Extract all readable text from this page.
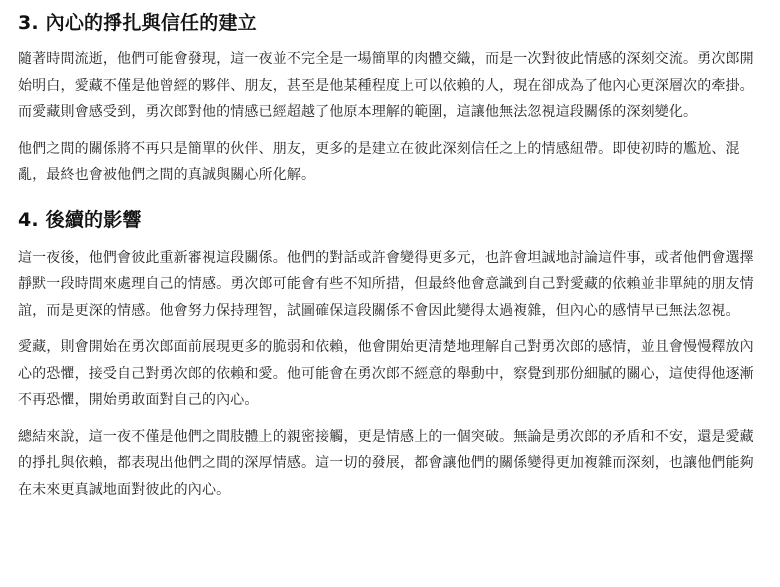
3. 內心的掙扎與信任的建立

隨著時間流逝，他們可能會發現，這一夜並不完全是一場簡單的肉體交織，而是一次對彼此情感的深刻交流。勇次郎開始明白，愛藏不僅是他曾經的夥伴、朋友，甚至是他某種程度上可以依賴的人，現在卻成為了他內心更深層次的牽掛。而愛藏則會感受到，勇次郎對他的情感已經超越了他原本理解的範圍，這讓他無法忽視這段關係的深刻變化。

他們之間的關係將不再只是簡單的伙伴、朋友，更多的是建立在彼此深刻信任之上的情感紐帶。即使初時的尷尬、混亂，最終也會被他們之間的真誠與關心所化解。

4. 後續的影響

這一夜後，他們會彼此重新審視這段關係。他們的對話或許會變得更多元，也許會坦誠地討論這件事，或者他們會選擇靜默一段時間來處理自己的情感。勇次郎可能會有些不知所措，但最終他會意識到自己對愛藏的依賴並非單純的朋友情誼，而是更深的情感。他會努力保持理智，試圖確保這段關係不會因此變得太過複雜，但內心的感情早已無法忽視。

愛藏，則會開始在勇次郎面前展現更多的脆弱和依賴，他會開始更清楚地理解自己對勇次郎的感情，並且會慢慢釋放內心的恐懼，接受自己對勇次郎的依賴和愛。他可能會在勇次郎不經意的舉動中，察覺到那份細膩的關心，這使得他逐漸不再恐懼，開始勇敢面對自己的內心。

總結來說，這一夜不僅是他們之間肢體上的親密接觸，更是情感上的一個突破。無論是勇次郎的矛盾和不安，還是愛藏的掙扎與依賴，都表現出他們之間的深厚情感。這一切的發展，都會讓他們的關係變得更加複雜而深刻，也讓他們能夠在未來更真誠地面對彼此的內心。
